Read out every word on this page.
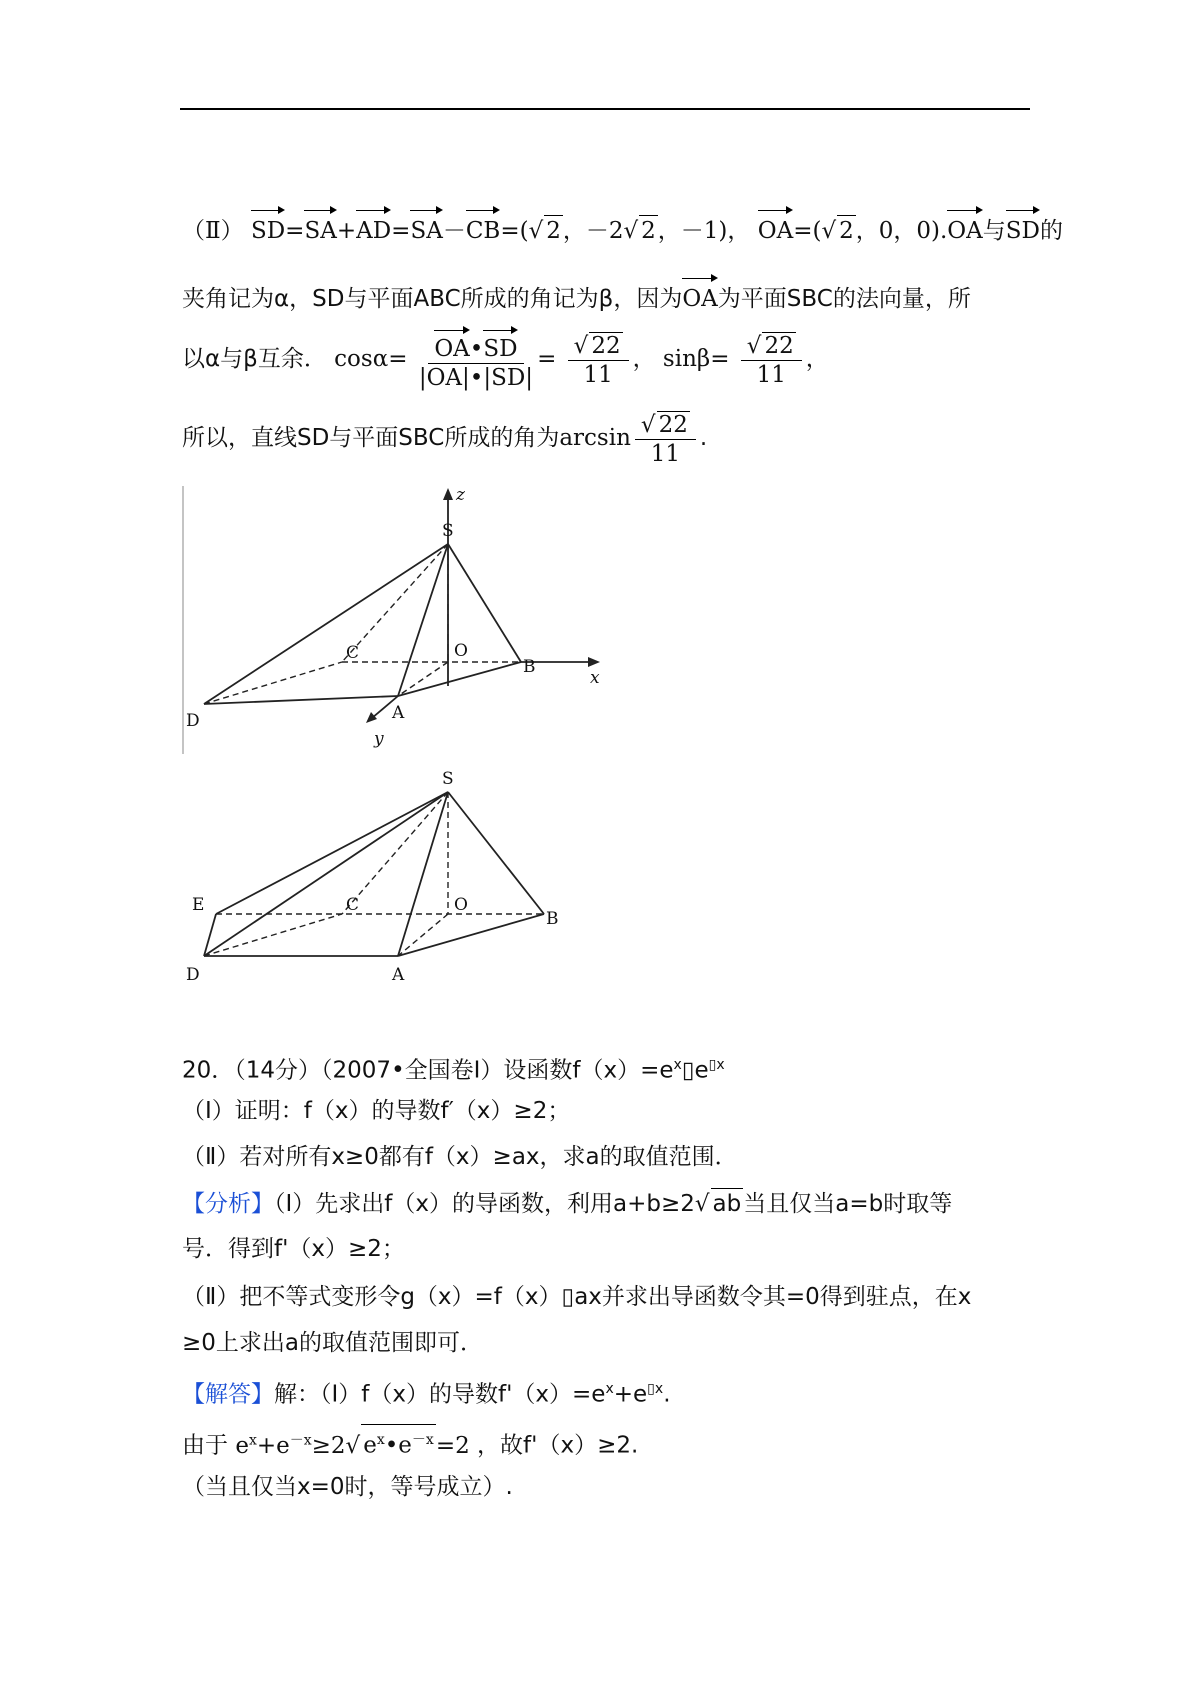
（Ⅱ） SD=SA+AD=SA－CB=(√ 2，－2√ 2，－1)， OA=(√ 2，0，0).OA与SD的
夹角记为α，SD与平面ABC所成的角记为β，因为OA为平面SBC的法向量，所
以α与β互余． $\cos\alpha= \frac{OA•SD}{|OA|•|SD|} = \frac{√ 22}{11}$ ， $\sin\beta= \frac{√ 22}{11}$ ，
所以，直线SD与平面SBC所成的角为$\arcsin \frac{√ 22}{11}$ .
z
S
C	O
B
x
D	A
y
S
E	C	O
B
D	A
20．（14分）（2007•全国卷Ⅰ）设函数$f(x)=e^x▯e^{▯x}$
（Ⅰ）证明：f（x）的导数f′（x）≥2；
（Ⅱ）若对所有x≥0都有f（x）≥ax，求a的取值范围．
【分析】（Ⅰ）先求出f（x）的导函数，利用a+b≥2√ ab当且仅当a=b时取等
号．得到f'（x）≥2；
（Ⅱ）把不等式变形令g（x）=f（x）▯ax并求出导函数令其=0得到驻点，在x
≥0上求出a的取值范围即可．
【解答】解：（Ⅰ）f（x）的导数$f'(x)=e^x+e^{▯x}$.
由于 $e^x+e^{-x}\ge 2√$ $e^x•e^{-x}=2$ ，故f'（x）≥2.
（当且仅当x=0时，等号成立）.
